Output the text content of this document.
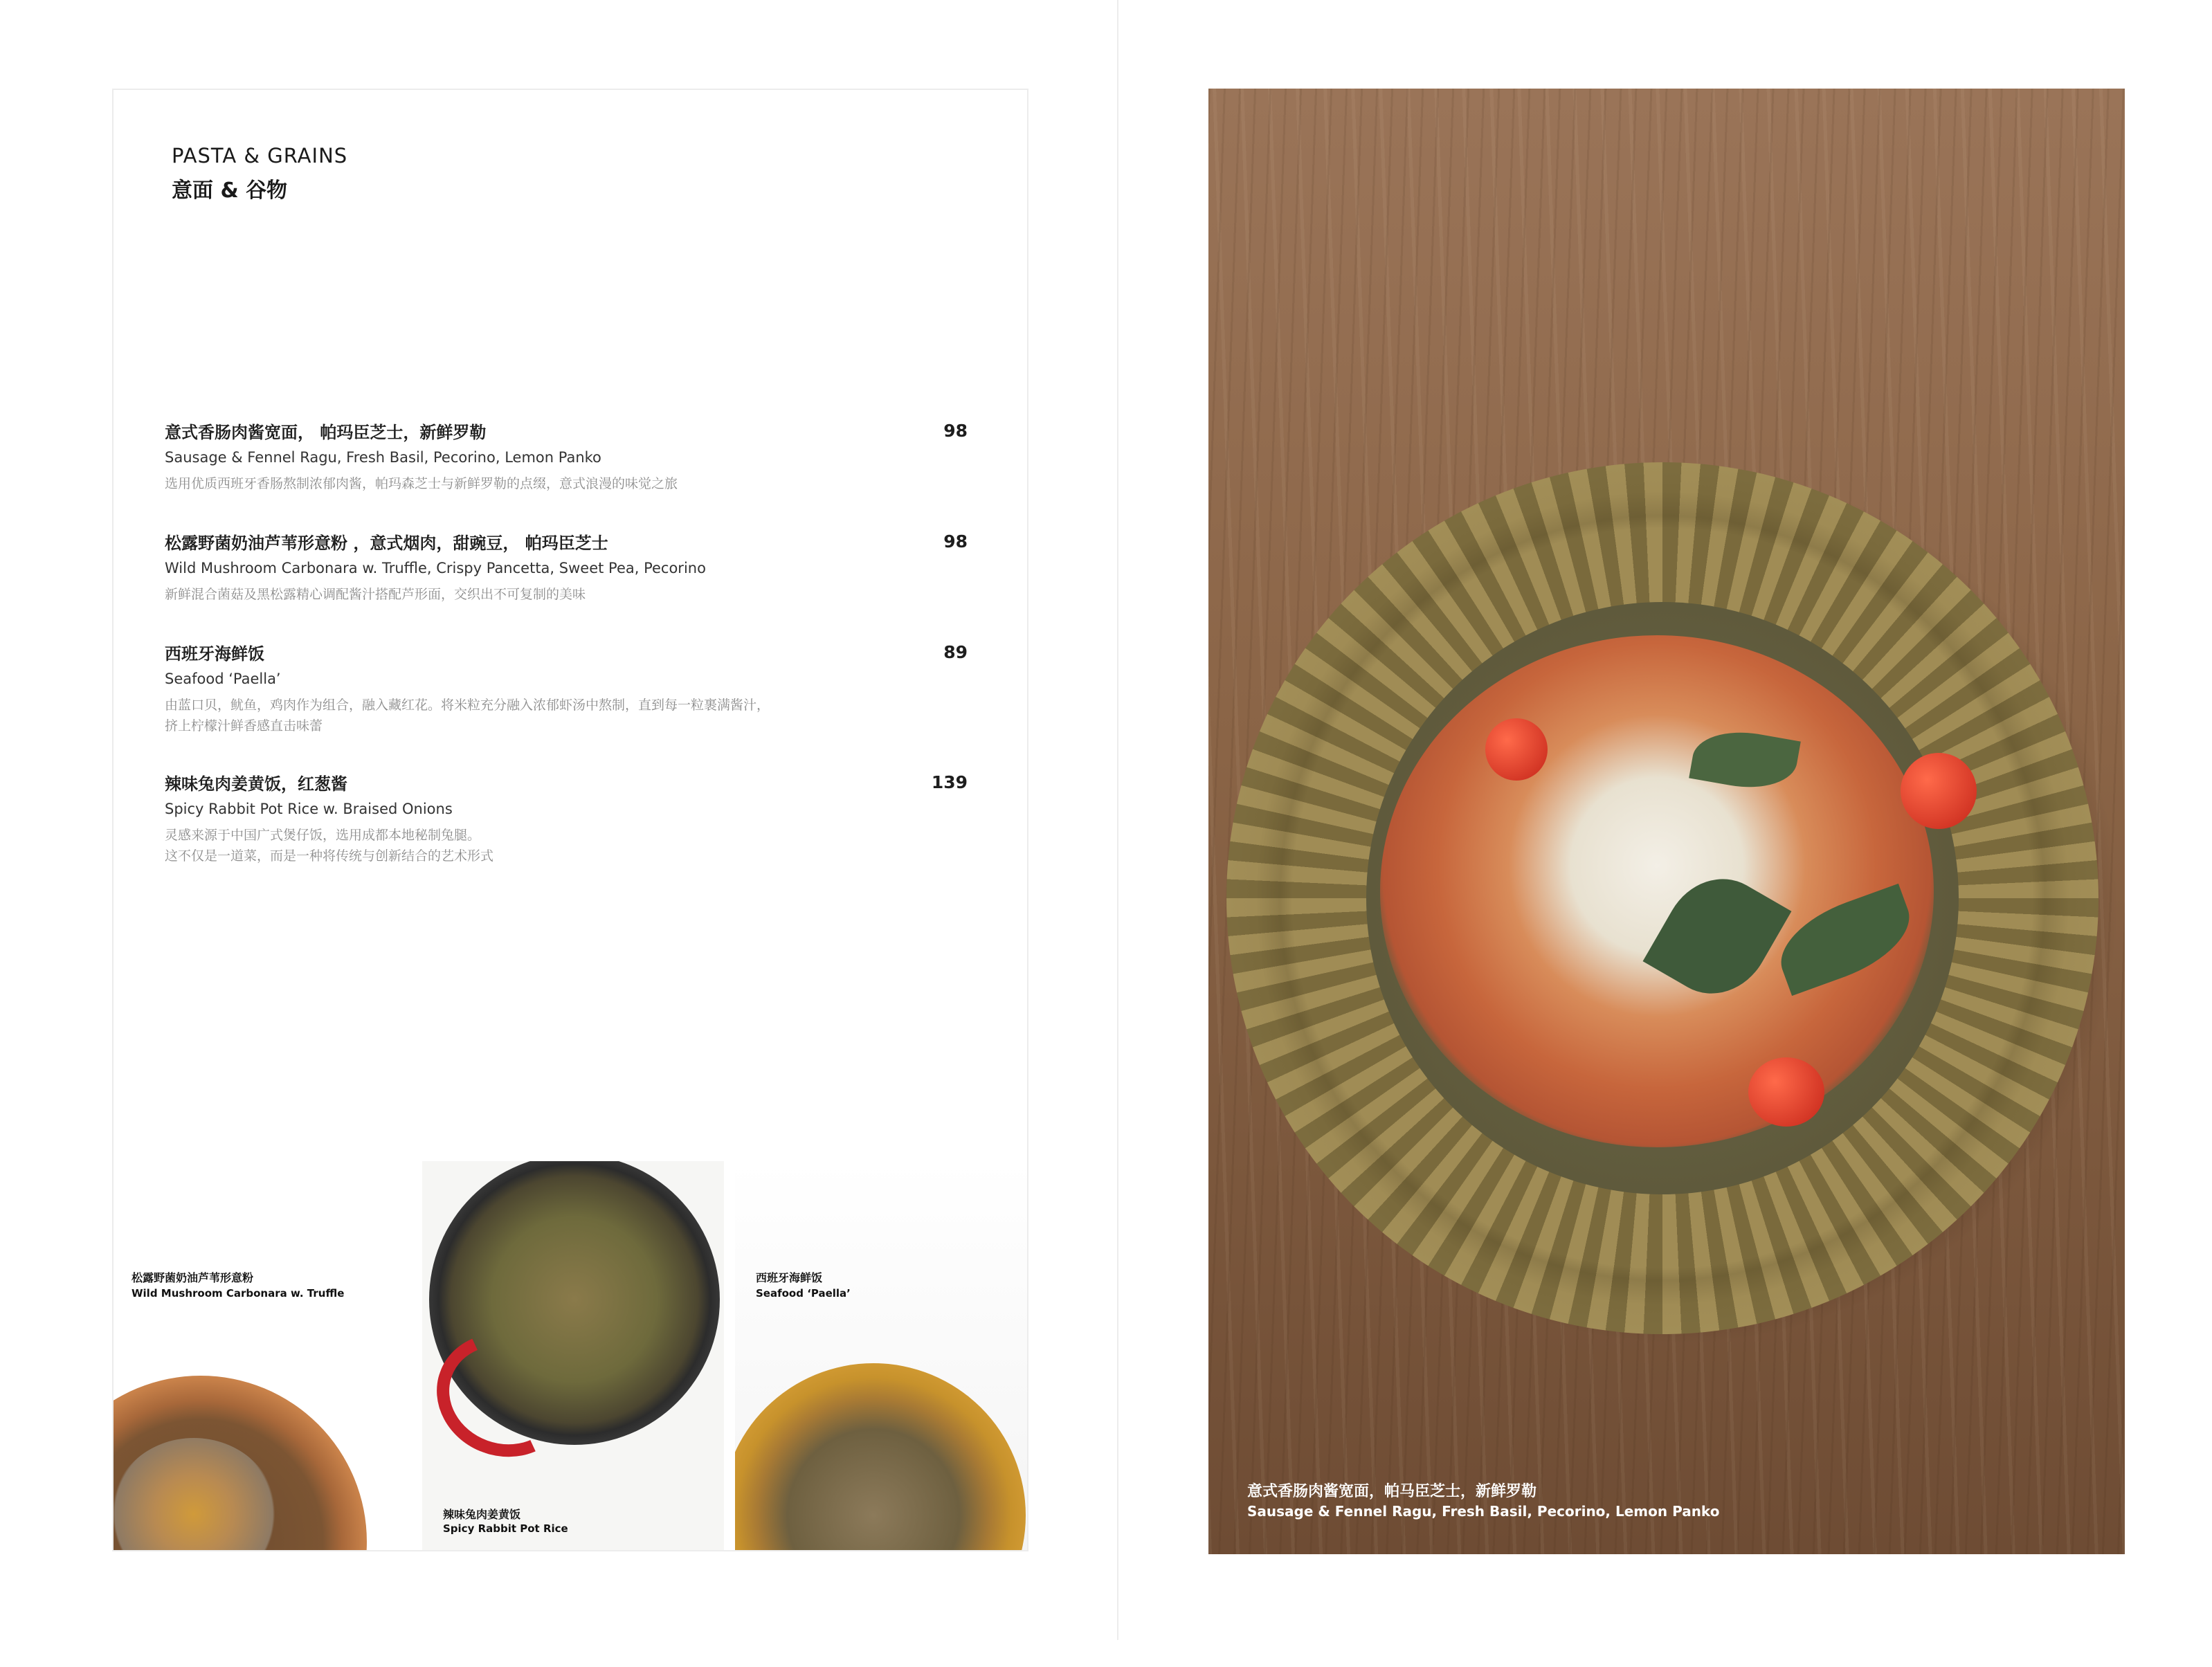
PASTA & GRAINS
意面 & 谷物
意式香肠肉酱宽面， 帕玛臣芝士，新鲜罗勒
Sausage & Fennel Ragu, Fresh Basil, Pecorino, Lemon Panko
选用优质西班牙香肠熬制浓郁肉酱，帕玛森芝士与新鲜罗勒的点缀，意式浪漫的味觉之旅
98
松露野菌奶油芦苇形意粉 ，意式烟肉，甜豌豆， 帕玛臣芝士
Wild Mushroom Carbonara w. Truffle, Crispy Pancetta, Sweet Pea, Pecorino
新鲜混合菌菇及黑松露精心调配酱汁搭配芦形面，交织出不可复制的美味
98
西班牙海鲜饭
Seafood ‘Paella’
由蓝口贝，鱿鱼，鸡肉作为组合，融入藏红花。将米粒充分融入浓郁虾汤中熬制，直到每一粒裹满酱汁，
挤上柠檬汁鲜香感直击味蕾
89
辣味兔肉姜黄饭，红葱酱
Spicy Rabbit Pot Rice w. Braised Onions
灵感来源于中国广式煲仔饭，选用成都本地秘制兔腿。
这不仅是一道菜，而是一种将传统与创新结合的艺术形式
139
松露野菌奶油芦苇形意粉
Wild Mushroom Carbonara w. Truffle
辣味兔肉姜黄饭
Spicy Rabbit Pot Rice
西班牙海鲜饭
Seafood ‘Paella’
意式香肠肉酱宽面，帕马臣芝士，新鲜罗勒
Sausage & Fennel Ragu, Fresh Basil, Pecorino, Lemon Panko
